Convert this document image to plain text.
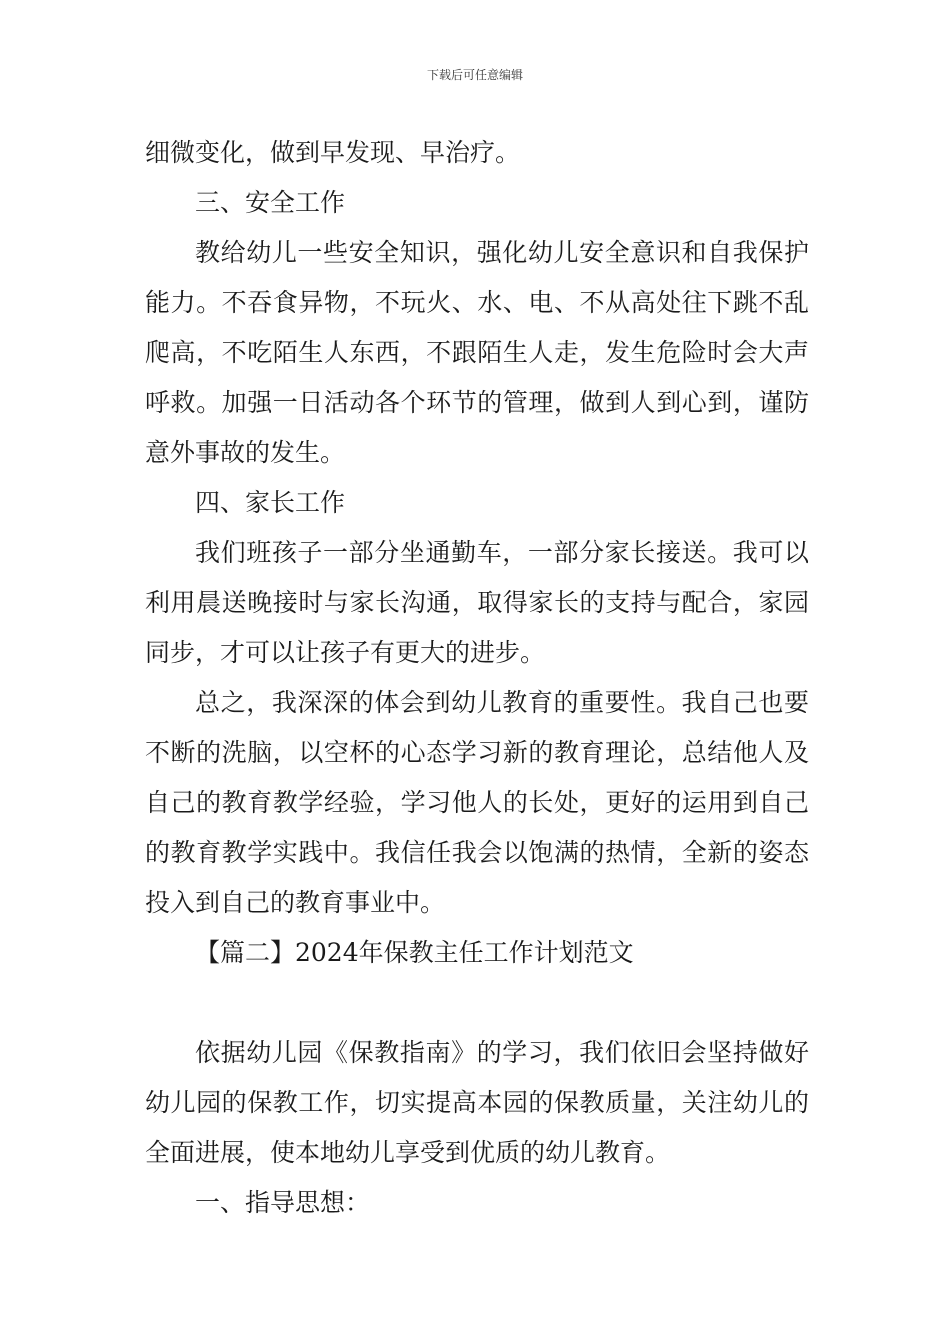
下载后可任意编辑

细微变化，做到早发现、早治疗。

三、安全工作

教给幼儿一些安全知识，强化幼儿安全意识和自我保护能力。不吞食异物，不玩火、水、电、不从高处往下跳不乱爬高，不吃陌生人东西，不跟陌生人走，发生危险时会大声呼救。加强一日活动各个环节的管理，做到人到心到，谨防意外事故的发生。

四、家长工作

我们班孩子一部分坐通勤车，一部分家长接送。我可以利用晨送晚接时与家长沟通，取得家长的支持与配合，家园同步，才可以让孩子有更大的进步。

总之，我深深的体会到幼儿教育的重要性。我自己也要不断的洗脑，以空杯的心态学习新的教育理论，总结他人及自己的教育教学经验，学习他人的长处，更好的运用到自己的教育教学实践中。我信任我会以饱满的热情，全新的姿态投入到自己的教育事业中。

【篇二】2024年保教主任工作计划范文

依据幼儿园《保教指南》的学习，我们依旧会坚持做好幼儿园的保教工作，切实提高本园的保教质量，关注幼儿的全面进展，使本地幼儿享受到优质的幼儿教育。

一、指导思想：
